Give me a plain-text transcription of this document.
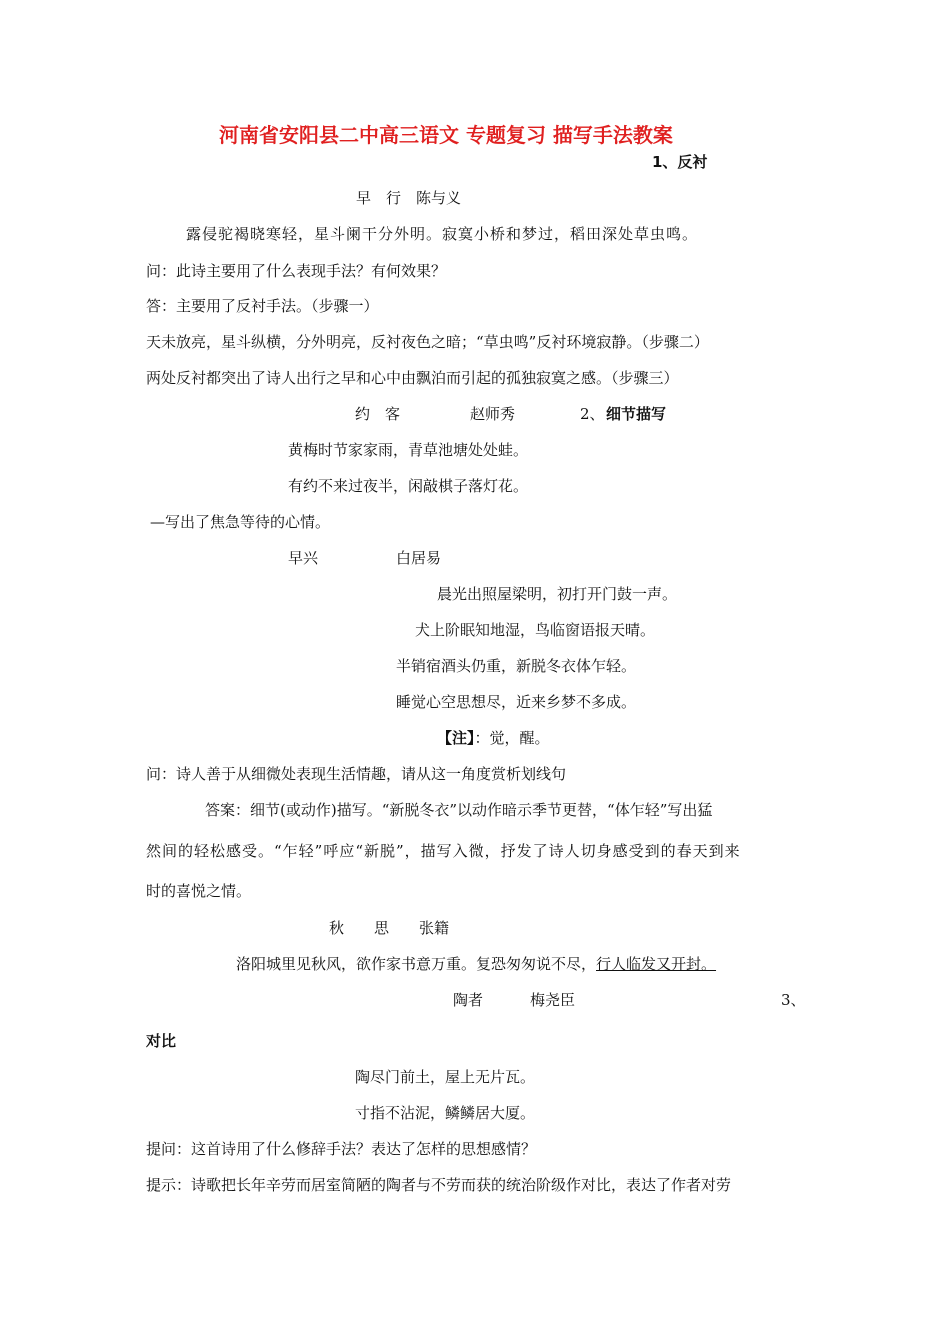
河南省安阳县二中高三语文 专题复习 描写手法教案
1、反衬
早　行　陈与义
露侵驼褐晓寒轻，星斗阑干分外明。寂寞小桥和梦过，稻田深处草虫鸣。
问：此诗主要用了什么表现手法？有何效果？
答：主要用了反衬手法。（步骤一）
天未放亮，星斗纵横，分外明亮，反衬夜色之暗；“草虫鸣”反衬环境寂静。（步骤二）
两处反衬都突出了诗人出行之早和心中由飘泊而引起的孤独寂寞之感。（步骤三）
约　客	赵师秀	2、 细节描写
黄梅时节家家雨，青草池塘处处蛙。
有约不来过夜半，闲敲棋子落灯花。
—写出了焦急等待的心情。
早兴	白居易
晨光出照屋梁明，初打开门鼓一声。
犬上阶眠知地湿，鸟临窗语报天晴。
半销宿酒头仍重，新脱冬衣体乍轻。
睡觉心空思想尽，近来乡梦不多成。
【注】：觉，醒。
问：诗人善于从细微处表现生活情趣，请从这一角度赏析划线句
答案：细节(或动作)描写。“新脱冬衣”以动作暗示季节更替，“体乍轻”写出猛
然间的轻松感受。“乍轻”呼应“新脱”，描写入微，抒发了诗人切身感受到的春天到来
时的喜悦之情。
秋　　思　　张籍
洛阳城里见秋风，欲作家书意万重。复恐匆匆说不尽，行人临发又开封。
陶者	梅尧臣	3、
对比
陶尽门前土，屋上无片瓦。
寸指不沾泥，鳞鳞居大厦。
提问：这首诗用了什么修辞手法？表达了怎样的思想感情？
提示：诗歌把长年辛劳而居室简陋的陶者与不劳而获的统治阶级作对比，表达了作者对劳
